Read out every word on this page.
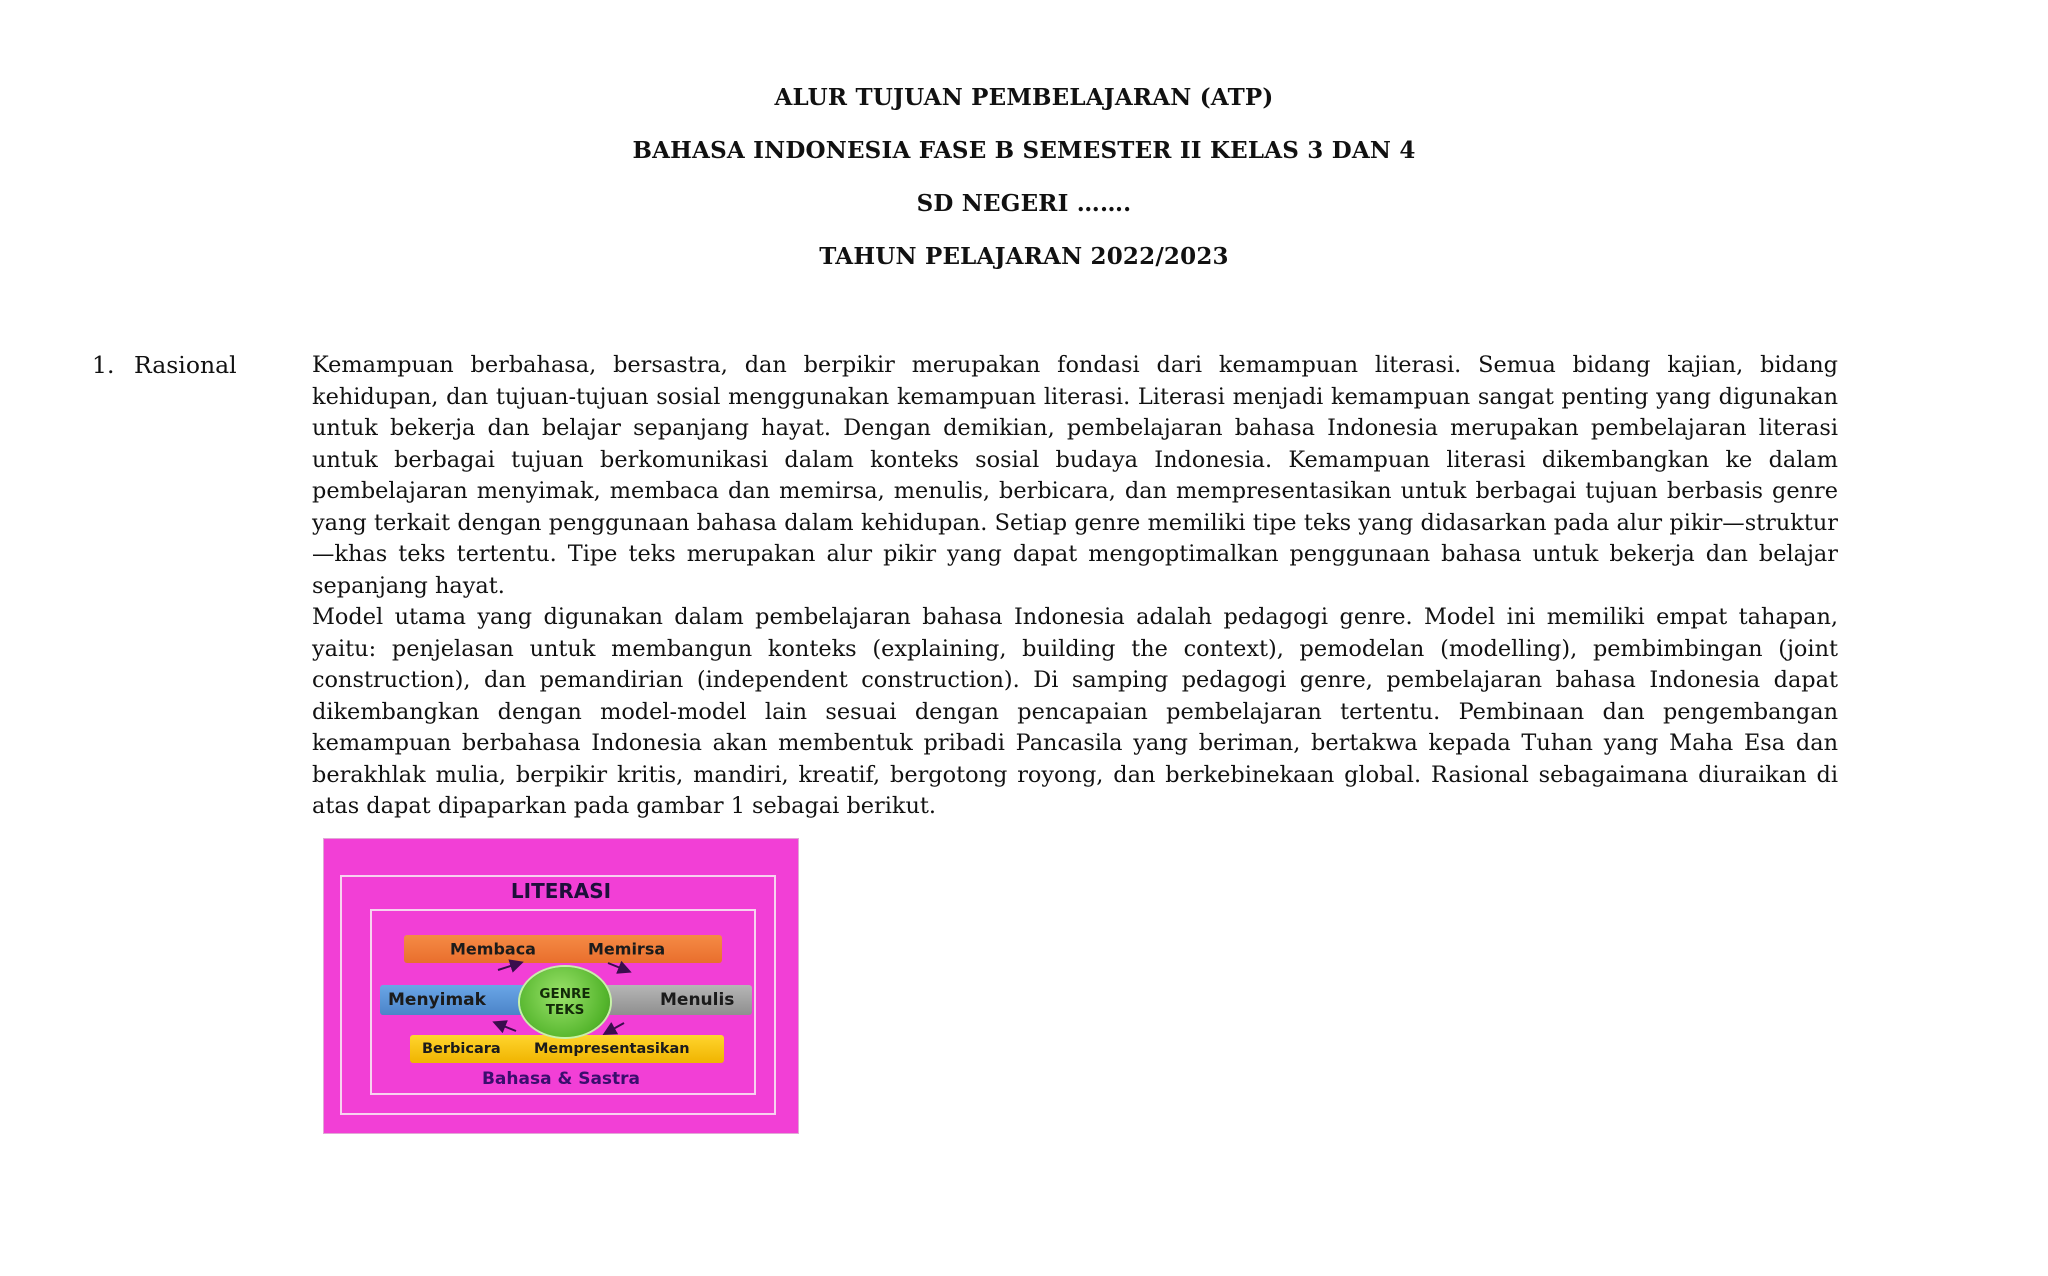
ALUR TUJUAN PEMBELAJARAN (ATP)
BAHASA INDONESIA FASE B SEMESTER II KELAS 3 DAN 4
SD NEGERI …….
TAHUN PELAJARAN 2022/2023
1. Rasional	Kemampuan berbahasa, bersastra, dan berpikir merupakan fondasi dari kemampuan literasi. Semua bidang kajian, bidang kehidupan, dan tujuan-tujuan sosial menggunakan kemampuan literasi. Literasi menjadi kemampuan sangat penting yang digunakan untuk bekerja dan belajar sepanjang hayat. Dengan demikian, pembelajaran bahasa Indonesia merupakan pembelajaran literasi untuk berbagai tujuan berkomunikasi dalam konteks sosial budaya Indonesia. Kemampuan literasi dikembangkan ke dalam pembelajaran menyimak, membaca dan memirsa, menulis, berbicara, dan mempresentasikan untuk berbagai tujuan berbasis genre yang terkait dengan penggunaan bahasa dalam kehidupan. Setiap genre memiliki tipe teks yang didasarkan pada alur pikir—struktur—khas teks tertentu. Tipe teks merupakan alur pikir yang dapat mengoptimalkan penggunaan bahasa untuk bekerja dan belajar sepanjang hayat.

Model utama yang digunakan dalam pembelajaran bahasa Indonesia adalah pedagogi genre. Model ini memiliki empat tahapan, yaitu: penjelasan untuk membangun konteks (explaining, building the context), pemodelan (modelling), pembimbingan (joint construction), dan pemandirian (independent construction). Di samping pedagogi genre, pembelajaran bahasa Indonesia dapat dikembangkan dengan model-model lain sesuai dengan pencapaian pembelajaran tertentu. Pembinaan dan pengembangan kemampuan berbahasa Indonesia akan membentuk pribadi Pancasila yang beriman, bertakwa kepada Tuhan yang Maha Esa dan berakhlak mulia, berpikir kritis, mandiri, kreatif, bergotong royong, dan berkebinekaan global. Rasional sebagaimana diuraikan di atas dapat dipaparkan pada gambar 1 sebagai berikut.

LITERASI
Membaca	Memirsa
Menyimak	Menulis
Berbicara Mempresentasikan
GENRE
TEKS
Bahasa & Sastra
